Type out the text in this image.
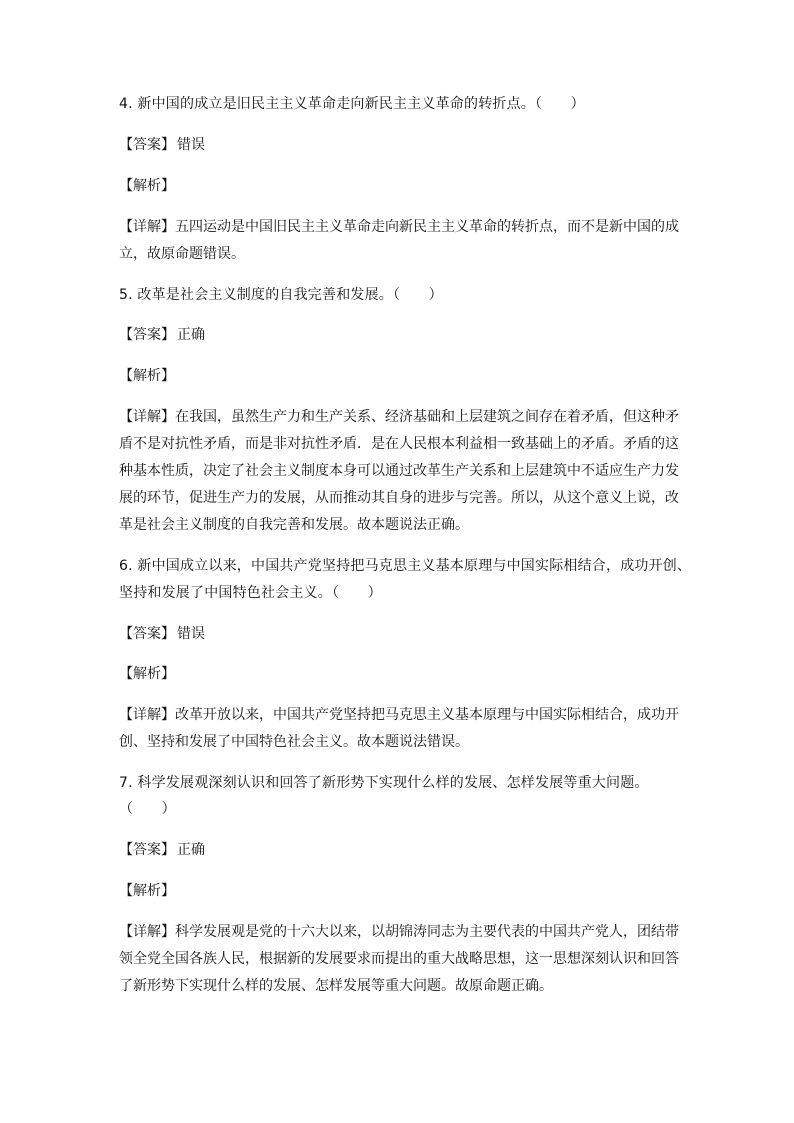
4. 新中国的成立是旧民主主义革命走向新民主主义革命的转折点。（　　）
【答案】 错误
【解析】
【详解】五四运动是中国旧民主主义革命走向新民主主义革命的转折点，而不是新中国的成
立，故原命题错误。
5. 改革是社会主义制度的自我完善和发展。（　　）
【答案】 正确
【解析】
【详解】在我国，虽然生产力和生产关系、经济基础和上层建筑之间存在着矛盾，但这种矛
盾不是对抗性矛盾，而是非对抗性矛盾．是在人民根本利益相一致基础上的矛盾。矛盾的这
种基本性质，决定了社会主义制度本身可以通过改革生产关系和上层建筑中不适应生产力发
展的环节，促进生产力的发展，从而推动其自身的进步与完善。所以，从这个意义上说，改
革是社会主义制度的自我完善和发展。故本题说法正确。
6. 新中国成立以来，中国共产党坚持把马克思主义基本原理与中国实际相结合，成功开创、
坚持和发展了中国特色社会主义。（　　）
【答案】 错误
【解析】
【详解】改革开放以来，中国共产党坚持把马克思主义基本原理与中国实际相结合，成功开
创、坚持和发展了中国特色社会主义。故本题说法错误。
7. 科学发展观深刻认识和回答了新形势下实现什么样的发展、怎样发展等重大问题。
（　　）
【答案】 正确
【解析】
【详解】科学发展观是党的十六大以来，以胡锦涛同志为主要代表的中国共产党人，团结带
领全党全国各族人民，根据新的发展要求而提出的重大战略思想，这一思想深刻认识和回答
了新形势下实现什么样的发展、怎样发展等重大问题。故原命题正确。
